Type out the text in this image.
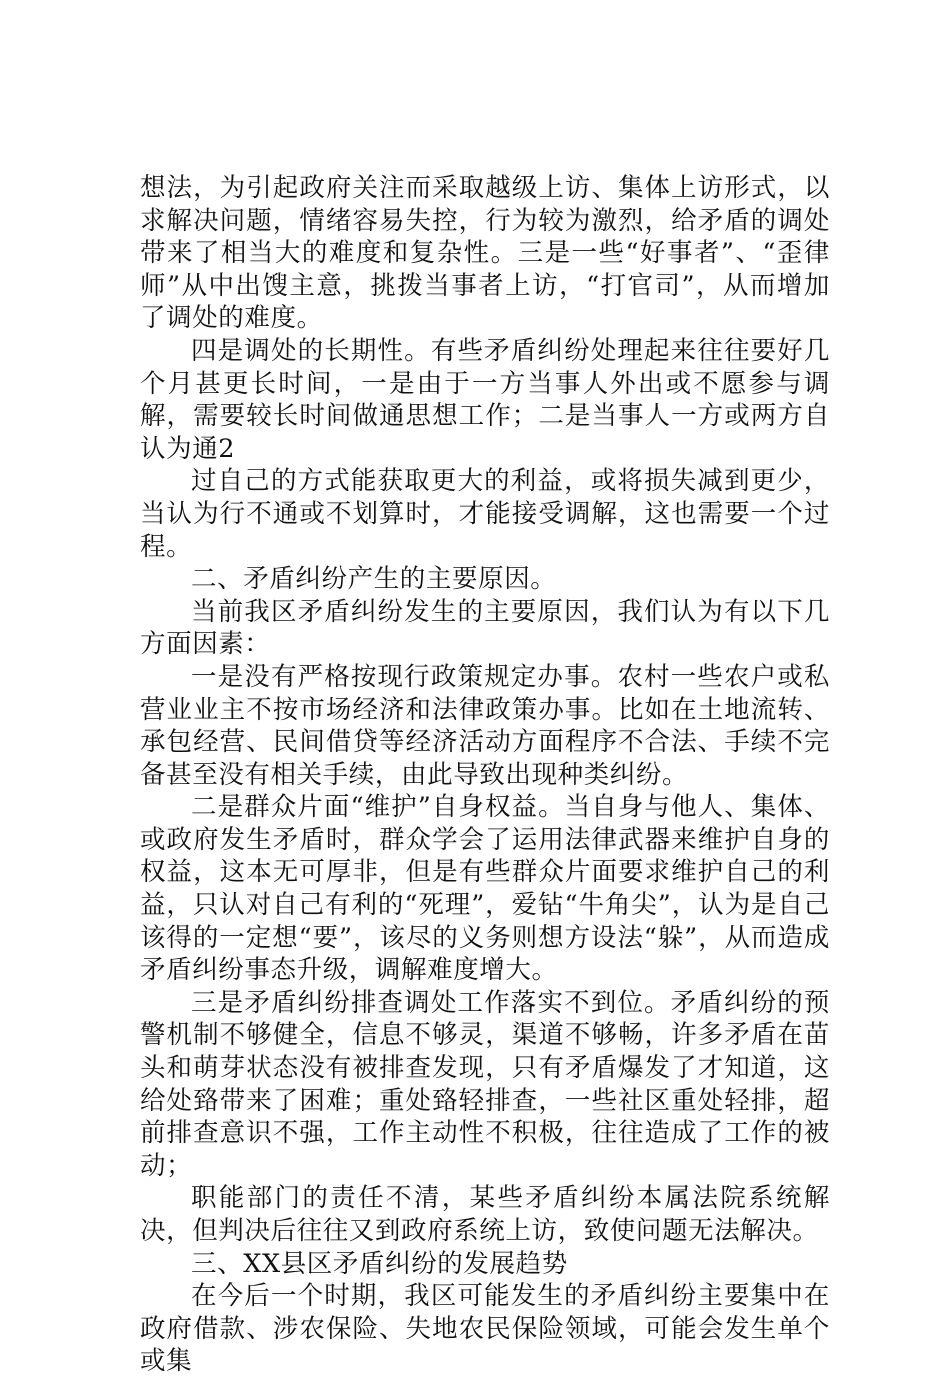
想法，为引起政府关注而采取越级上访、集体上访形式，以求解决问题，情绪容易失控，行为较为激烈，给矛盾的调处带来了相当大的难度和复杂性。三是一些“好事者”、“歪律师”从中出馊主意，挑拨当事者上访，“打官司”，从而增加了调处的难度。

四是调处的长期性。有些矛盾纠纷处理起来往往要好几个月甚更长时间，一是由于一方当事人外出或不愿参与调解，需要较长时间做通思想工作；二是当事人一方或两方自认为通2

过自己的方式能获取更大的利益，或将损失减到更少，当认为行不通或不划算时，才能接受调解，这也需要一个过程。

二、矛盾纠纷产生的主要原因。

当前我区矛盾纠纷发生的主要原因，我们认为有以下几方面因素：

一是没有严格按现行政策规定办事。农村一些农户或私营业业主不按市场经济和法律政策办事。比如在土地流转、承包经营、民间借贷等经济活动方面程序不合法、手续不完备甚至没有相关手续，由此导致出现种类纠纷。

二是群众片面“维护”自身权益。当自身与他人、集体、或政府发生矛盾时，群众学会了运用法律武器来维护自身的权益，这本无可厚非，但是有些群众片面要求维护自己的利益，只认对自己有利的“死理”，爱钻“牛角尖”，认为是自己该得的一定想“要”，该尽的义务则想方设法“躲”，从而造成矛盾纠纷事态升级，调解难度增大。

三是矛盾纠纷排查调处工作落实不到位。矛盾纠纷的预警机制不够健全，信息不够灵，渠道不够畅，许多矛盾在苗头和萌芽状态没有被排查发现，只有矛盾爆发了才知道，这给处臵带来了困难；重处臵轻排查，一些社区重处轻排，超前排查意识不强，工作主动性不积极，往往造成了工作的被动；

职能部门的责任不清，某些矛盾纠纷本属法院系统解决，但判决后往往又到政府系统上访，致使问题无法解决。

三、XX县区矛盾纠纷的发展趋势

在今后一个时期，我区可能发生的矛盾纠纷主要集中在政府借款、涉农保险、失地农民保险领域，可能会发生单个或集
